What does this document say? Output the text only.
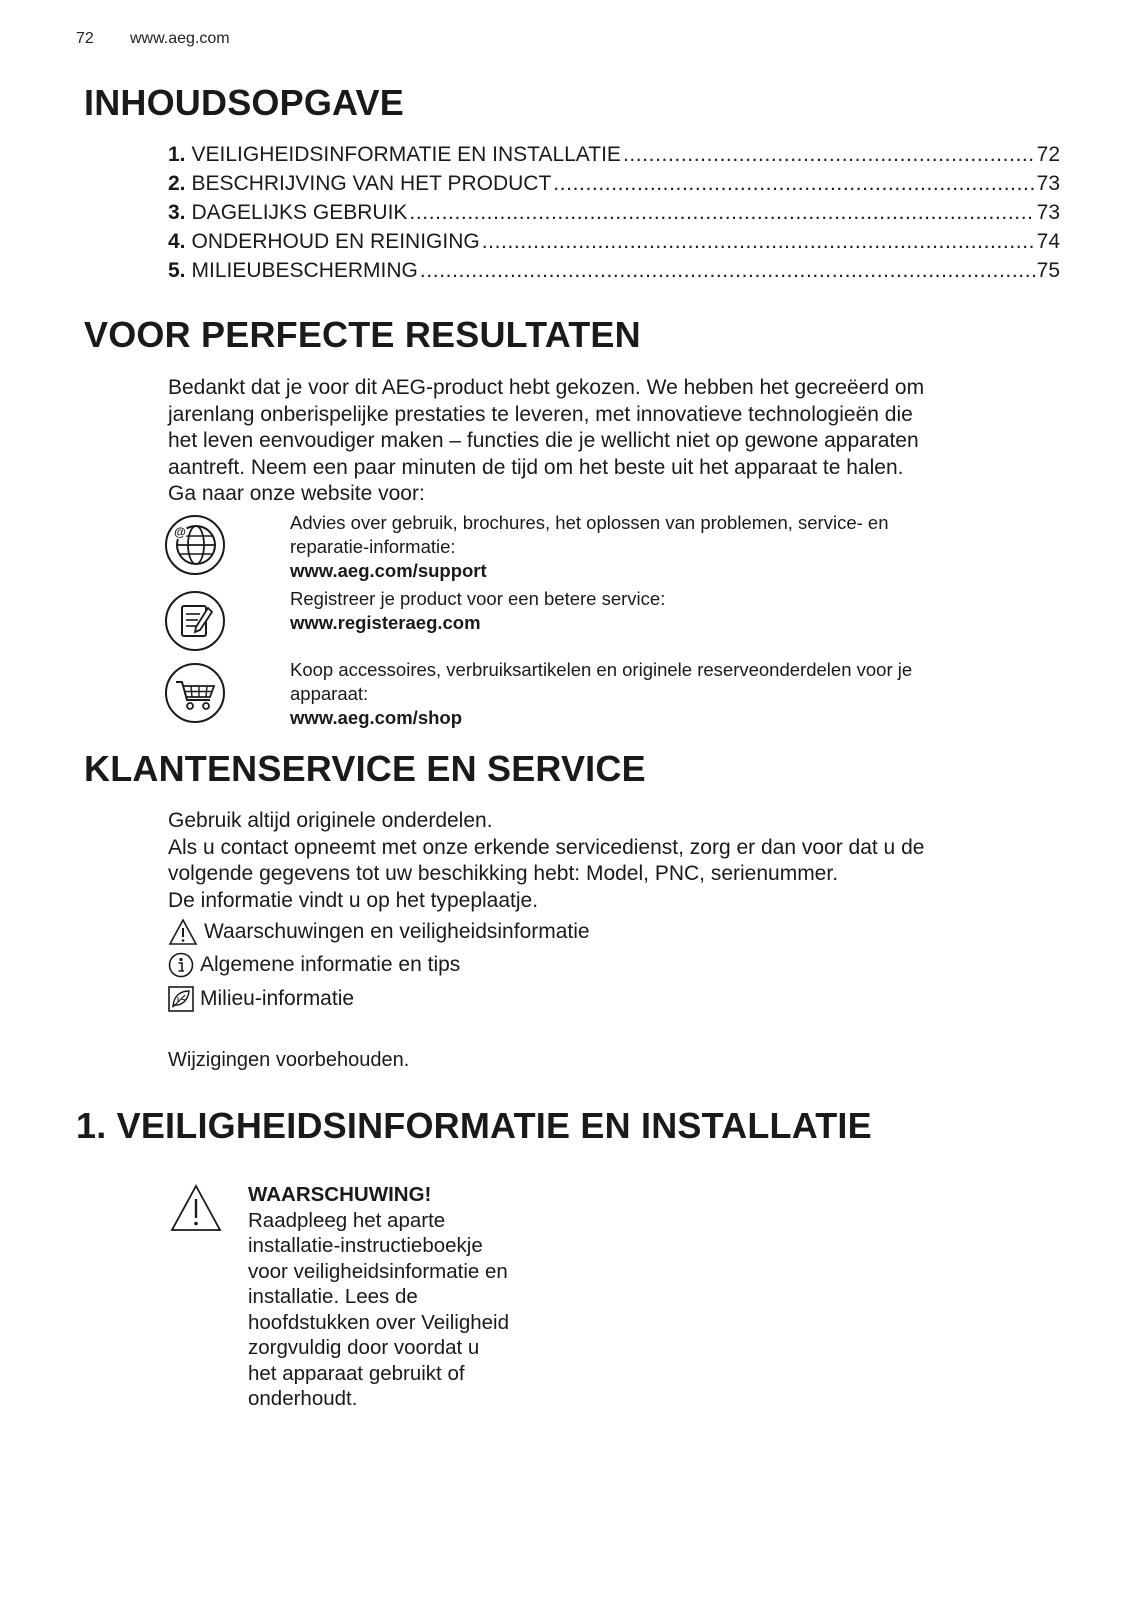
72 www.aeg.com
INHOUDSOPGAVE
1. VEILIGHEIDSINFORMATIE EN INSTALLATIE .....	72
2. BESCHRIJVING VAN HET PRODUCT .....	73
3. DAGELIJKS GEBRUIK .....	73
4. ONDERHOUD EN REINIGING .....	74
5. MILIEUBESCHERMING .....	75
VOOR PERFECTE RESULTATEN

Bedankt dat je voor dit AEG-product hebt gekozen. We hebben het gecreëerd om

jarenlang onberispelijke prestaties te leveren, met innovatieve technologieën die

het leven eenvoudiger maken – functies die je wellicht niet op gewone apparaten

aantreft. Neem een paar minuten de tijd om het beste uit het apparaat te halen.

Ga naar onze website voor:

@	Advies over gebruik, brochures, het oplossen van problemen, service- en

reparatie-informatie:

www.aeg.com/support

Registreer je product voor een betere service:

www.registeraeg.com

Koop accessoires, verbruiksartikelen en originele reserveonderdelen voor je

apparaat:

www.aeg.com/shop

KLANTENSERVICE EN SERVICE

Gebruik altijd originele onderdelen.

Als u contact opneemt met onze erkende servicedienst, zorg er dan voor dat u de

volgende gegevens tot uw beschikking hebt: Model, PNC, serienummer.

De informatie vindt u op het typeplaatje.

Waarschuwingen en veiligheidsinformatie
Algemene informatie en tips
Milieu-informatie
Wijzigingen voorbehouden.
1. VEILIGHEIDSINFORMATIE EN INSTALLATIE

WAARSCHUWING!

Raadpleeg het aparte

installatie-instructieboekje

voor veiligheidsinformatie en

installatie. Lees de

hoofdstukken over Veiligheid

zorgvuldig door voordat u

het apparaat gebruikt of

onderhoudt.
